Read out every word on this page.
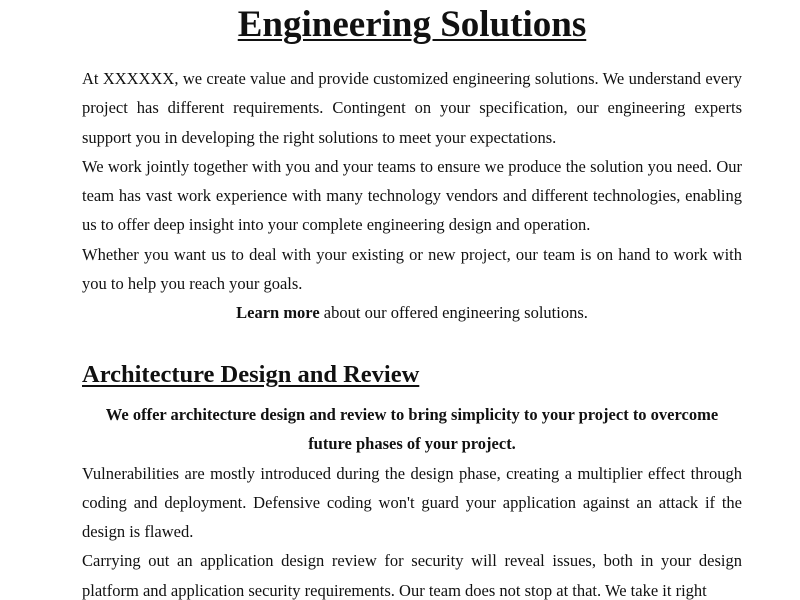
Engineering Solutions

At XXXXXX, we create value and provide customized engineering solutions. We understand every project has different requirements. Contingent on your specification, our engineering experts support you in developing the right solutions to meet your expectations.

We work jointly together with you and your teams to ensure we produce the solution you need. Our team has vast work experience with many technology vendors and different technologies, enabling us to offer deep insight into your complete engineering design and operation.

Whether you want us to deal with your existing or new project, our team is on hand to work with you to help you reach your goals.

Learn more about our offered engineering solutions.

Architecture Design and Review

We offer architecture design and review to bring simplicity to your project to overcome future phases of your project.

Vulnerabilities are mostly introduced during the design phase, creating a multiplier effect through coding and deployment. Defensive coding won't guard your application against an attack if the design is flawed.

Carrying out an application design review for security will reveal issues, both in your design platform and application security requirements. Our team does not stop at that. We take it right
